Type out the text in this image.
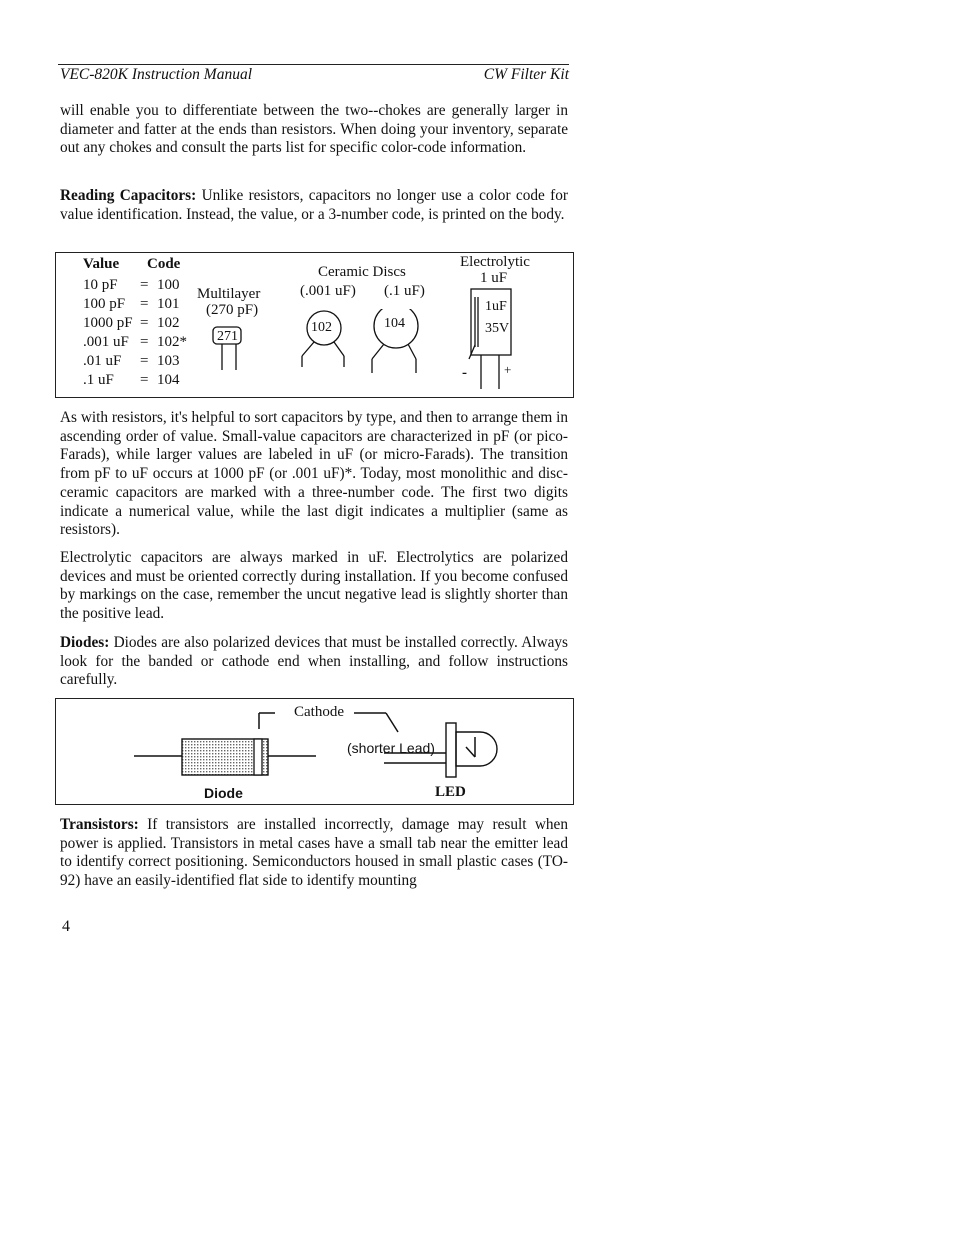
VEC-820K Instruction Manual	CW Filter Kit

will enable you to differentiate between the two--chokes are generally larger in diameter and fatter at the ends than resistors. When doing your inventory, separate out any chokes and consult the parts list for specific color-code information.

Reading Capacitors: Unlike resistors, capacitors no longer use a color code for value identification. Instead, the value, or a 3-number code, is printed on the body.

Value Code
10 pF = 100
100 pF = 101
1000 pF = 102
.001 uF = 102*
.01 uF = 103
.1 uF = 104
Multilayer
(270 pF)
271
Ceramic Discs
(.001 uF) (.1 uF)
102	104
Electrolytic
1 uF
1uF
35V
-	+

As with resistors, it's helpful to sort capacitors by type, and then to arrange them in ascending order of value. Small-value capacitors are characterized in pF (or pico-Farads), while larger values are labeled in uF (or micro-Farads). The transition from pF to uF occurs at 1000 pF (or .001 uF)*. Today, most monolithic and disc-ceramic capacitors are marked with a three-number code. The first two digits indicate a numerical value, while the last digit indicates a multiplier (same as resistors).

Electrolytic capacitors are always marked in uF. Electrolytics are polarized devices and must be oriented correctly during installation. If you become confused by markings on the case, remember the uncut negative lead is slightly shorter than the positive lead.

Diodes: Diodes are also polarized devices that must be installed correctly. Always look for the banded or cathode end when installing, and follow instructions carefully.

Cathode
(shorter Lead)
Diode	LED

Transistors: If transistors are installed incorrectly, damage may result when power is applied. Transistors in metal cases have a small tab near the emitter lead to identify correct positioning. Semiconductors housed in small plastic cases (TO-92) have an easily-identified flat side to identify mounting

4
